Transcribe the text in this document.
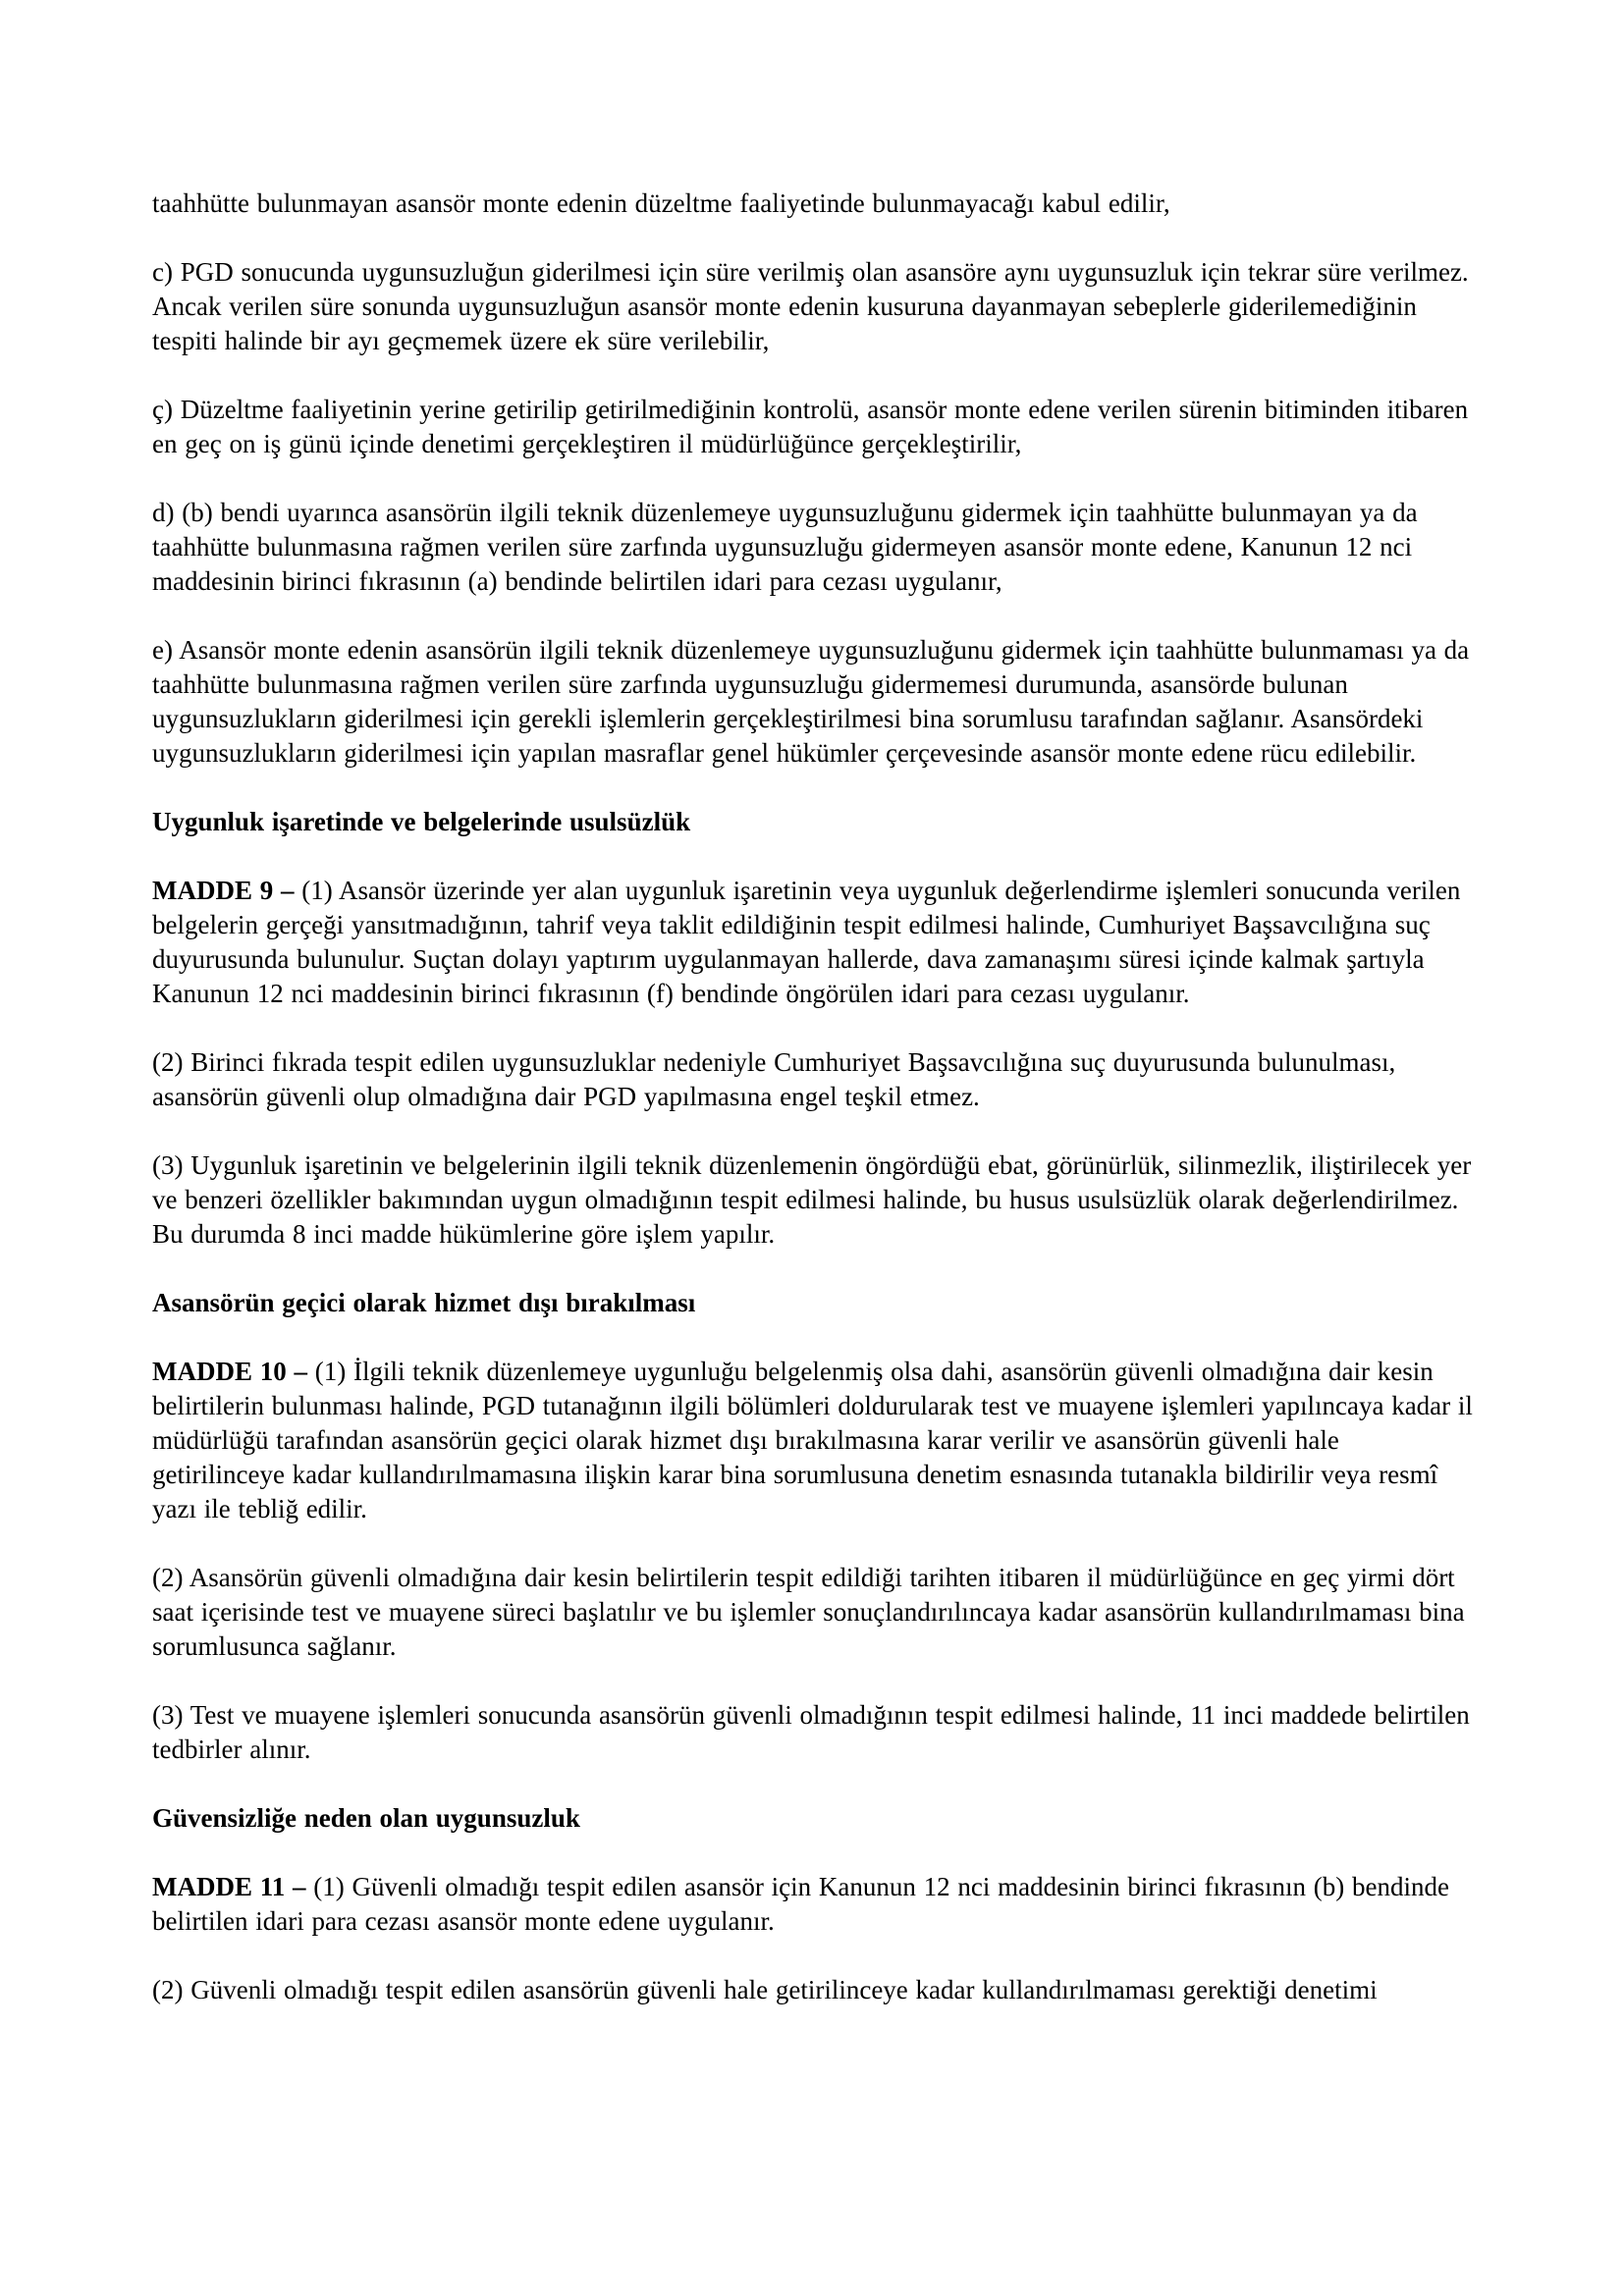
taahhütte bulunmayan asansör monte edenin düzeltme faaliyetinde bulunmayacağı kabul edilir,

c) PGD sonucunda uygunsuzluğun giderilmesi için süre verilmiş olan asansöre aynı uygunsuzluk için tekrar süre verilmez. Ancak verilen süre sonunda uygunsuzluğun asansör monte edenin kusuruna dayanmayan sebeplerle giderilemediğinin tespiti halinde bir ayı geçmemek üzere ek süre verilebilir,

ç) Düzeltme faaliyetinin yerine getirilip getirilmediğinin kontrolü, asansör monte edene verilen sürenin bitiminden itibaren en geç on iş günü içinde denetimi gerçekleştiren il müdürlüğünce gerçekleştirilir,

d) (b) bendi uyarınca asansörün ilgili teknik düzenlemeye uygunsuzluğunu gidermek için taahhütte bulunmayan ya da taahhütte bulunmasına rağmen verilen süre zarfında uygunsuzluğu gidermeyen asansör monte edene, Kanunun 12 nci maddesinin birinci fıkrasının (a) bendinde belirtilen idari para cezası uygulanır,

e) Asansör monte edenin asansörün ilgili teknik düzenlemeye uygunsuzluğunu gidermek için taahhütte bulunmaması ya da taahhütte bulunmasına rağmen verilen süre zarfında uygunsuzluğu gidermemesi durumunda, asansörde bulunan uygunsuzlukların giderilmesi için gerekli işlemlerin gerçekleştirilmesi bina sorumlusu tarafından sağlanır. Asansördeki uygunsuzlukların giderilmesi için yapılan masraflar genel hükümler çerçevesinde asansör monte edene rücu edilebilir.

Uygunluk işaretinde ve belgelerinde usulsüzlük

MADDE 9 – (1) Asansör üzerinde yer alan uygunluk işaretinin veya uygunluk değerlendirme işlemleri sonucunda verilen belgelerin gerçeği yansıtmadığının, tahrif veya taklit edildiğinin tespit edilmesi halinde, Cumhuriyet Başsavcılığına suç duyurusunda bulunulur. Suçtan dolayı yaptırım uygulanmayan hallerde, dava zamanaşımı süresi içinde kalmak şartıyla Kanunun 12 nci maddesinin birinci fıkrasının (f) bendinde öngörülen idari para cezası uygulanır.

(2) Birinci fıkrada tespit edilen uygunsuzluklar nedeniyle Cumhuriyet Başsavcılığına suç duyurusunda bulunulması, asansörün güvenli olup olmadığına dair PGD yapılmasına engel teşkil etmez.

(3) Uygunluk işaretinin ve belgelerinin ilgili teknik düzenlemenin öngördüğü ebat, görünürlük, silinmezlik, iliştirilecek yer ve benzeri özellikler bakımından uygun olmadığının tespit edilmesi halinde, bu husus usulsüzlük olarak değerlendirilmez. Bu durumda 8 inci madde hükümlerine göre işlem yapılır.

Asansörün geçici olarak hizmet dışı bırakılması

MADDE 10 – (1) İlgili teknik düzenlemeye uygunluğu belgelenmiş olsa dahi, asansörün güvenli olmadığına dair kesin belirtilerin bulunması halinde, PGD tutanağının ilgili bölümleri doldurularak test ve muayene işlemleri yapılıncaya kadar il müdürlüğü tarafından asansörün geçici olarak hizmet dışı bırakılmasına karar verilir ve asansörün güvenli hale getirilinceye kadar kullandırılmamasına ilişkin karar bina sorumlusuna denetim esnasında tutanakla bildirilir veya resmî yazı ile tebliğ edilir.

(2) Asansörün güvenli olmadığına dair kesin belirtilerin tespit edildiği tarihten itibaren il müdürlüğünce en geç yirmi dört saat içerisinde test ve muayene süreci başlatılır ve bu işlemler sonuçlandırılıncaya kadar asansörün kullandırılmaması bina sorumlusunca sağlanır.

(3) Test ve muayene işlemleri sonucunda asansörün güvenli olmadığının tespit edilmesi halinde, 11 inci maddede belirtilen tedbirler alınır.

Güvensizliğe neden olan uygunsuzluk

MADDE 11 – (1) Güvenli olmadığı tespit edilen asansör için Kanunun 12 nci maddesinin birinci fıkrasının (b) bendinde belirtilen idari para cezası asansör monte edene uygulanır.

(2) Güvenli olmadığı tespit edilen asansörün güvenli hale getirilinceye kadar kullandırılmaması gerektiği denetimi
